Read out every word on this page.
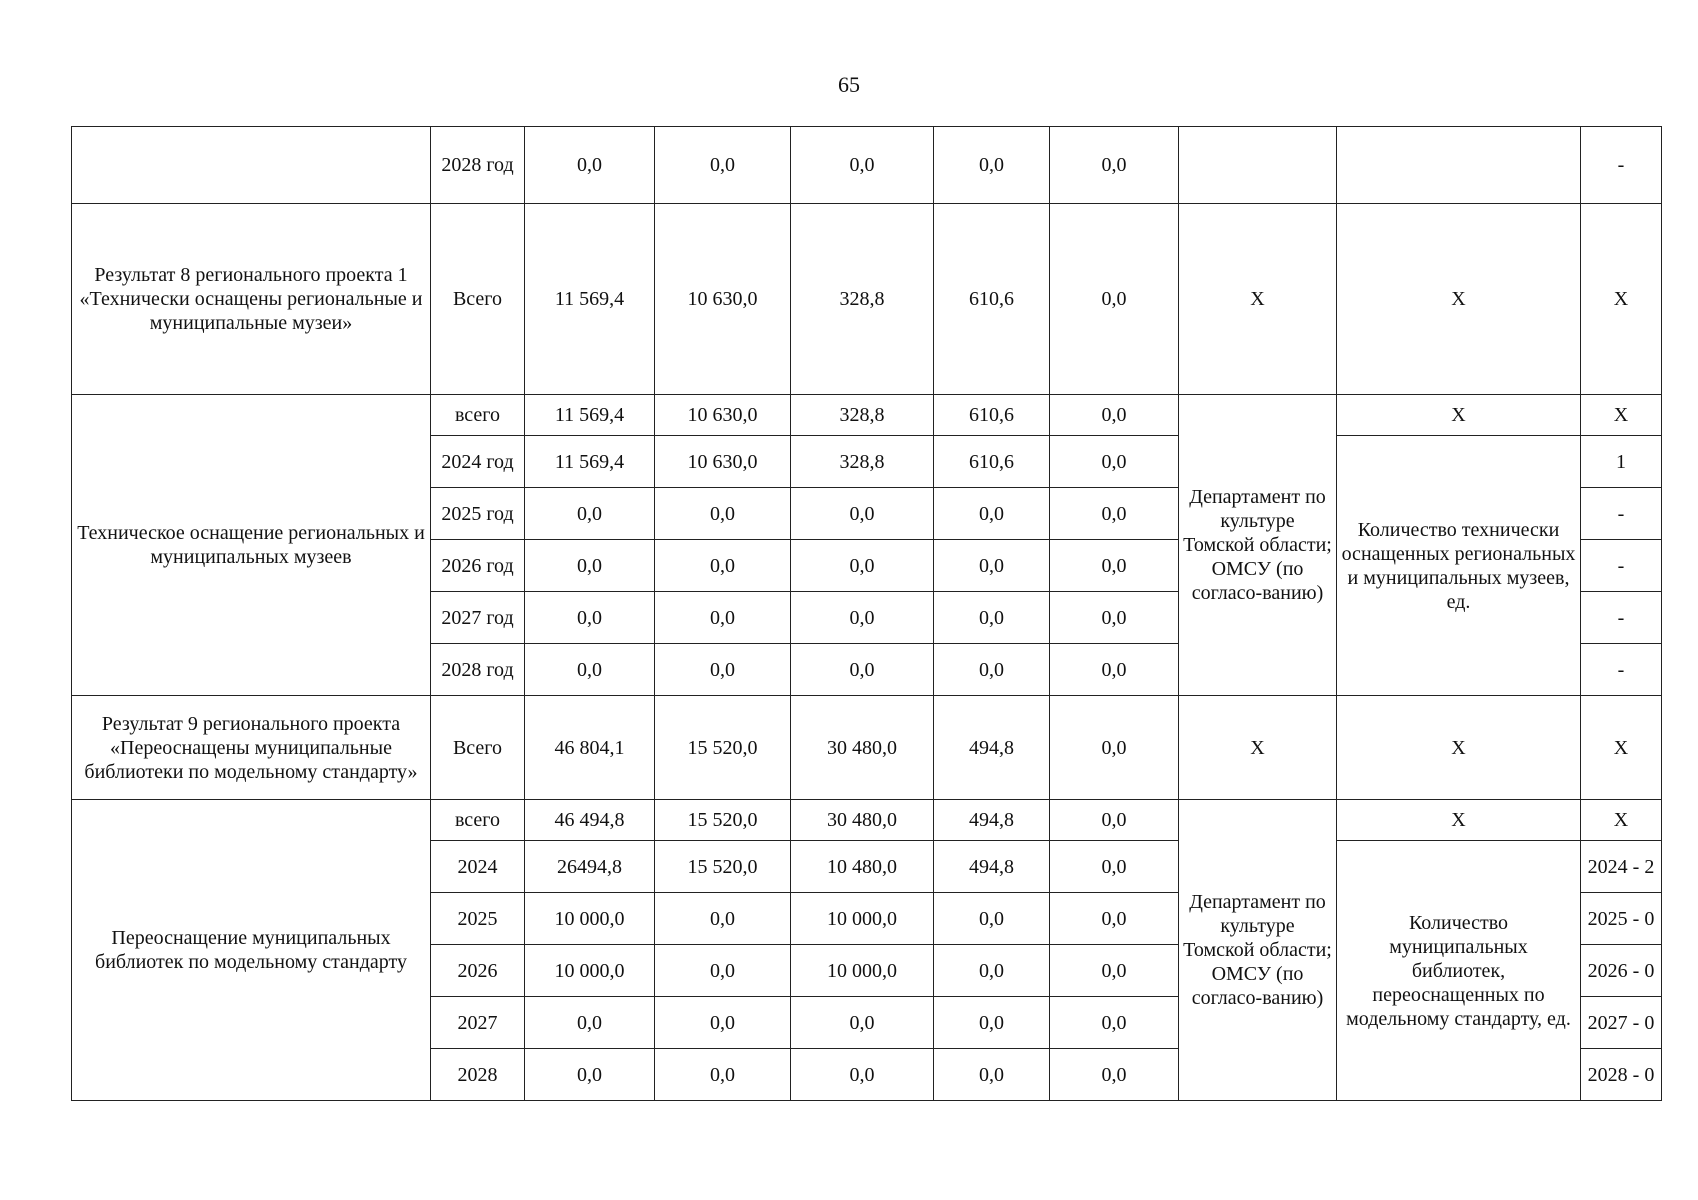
65
	2028 год	0,0	0,0	0,0	0,0	0,0			-
Результат 8 регионального проекта 1 «Технически оснащены региональные и муниципальные музеи»	Всего	11 569,4	10 630,0	328,8	610,6	0,0	Х	Х	Х
Техническое оснащение региональных и муниципальных музеев	всего	11 569,4	10 630,0	328,8	610,6	0,0	Департамент по культуре Томской области; ОМСУ (по согласо-ванию)	Х	Х
	2024 год	11 569,4	10 630,0	328,8	610,6	0,0		Количество технически оснащенных региональных и муниципальных музеев, ед.	1
	2025 год	0,0	0,0	0,0	0,0	0,0			-
	2026 год	0,0	0,0	0,0	0,0	0,0			-
	2027 год	0,0	0,0	0,0	0,0	0,0			-
	2028 год	0,0	0,0	0,0	0,0	0,0			-
Результат 9 регионального проекта «Переоснащены муниципальные библиотеки по модельному стандарту»	Всего	46 804,1	15 520,0	30 480,0	494,8	0,0	Х	Х	Х
Переоснащение муниципальных библиотек по модельному стандарту	всего	46 494,8	15 520,0	30 480,0	494,8	0,0	Департамент по культуре Томской области; ОМСУ (по согласо-ванию)	Х	Х
	2024	26494,8	15 520,0	10 480,0	494,8	0,0		Количество муниципальных библиотек, переоснащенных по модельному стандарту, ед.	2024 - 2
	2025	10 000,0	0,0	10 000,0	0,0	0,0			2025 - 0
	2026	10 000,0	0,0	10 000,0	0,0	0,0			2026 - 0
	2027	0,0	0,0	0,0	0,0	0,0			2027 - 0
	2028	0,0	0,0	0,0	0,0	0,0			2028 - 0
